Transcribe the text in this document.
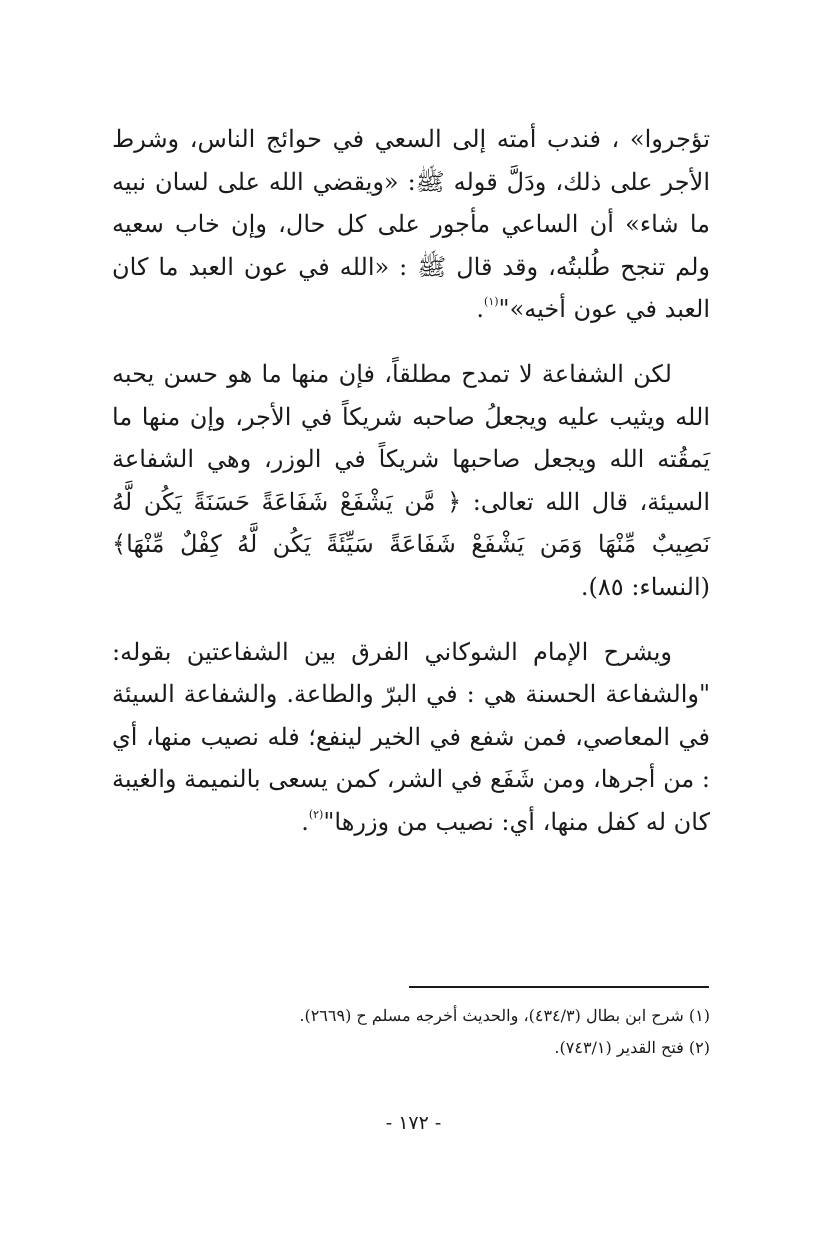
تؤجروا» ، فندب أمته إلى السعي في حوائج الناس، وشرط الأجر على ذلك، ودَلَّ قوله ﷺ: «ويقضي الله على لسان نبيه ما شاء» أن الساعي مأجور على كل حال، وإن خاب سعيه ولم تنجح طُلبتُه، وقد قال ﷺ : «الله في عون العبد ما كان العبد في عون أخيه»"$^{(١)}$.

لكن الشفاعة لا تمدح مطلقاً، فإن منها ما هو حسن يحبه الله ويثيب عليه ويجعلُ صاحبه شريكاً في الأجر، وإن منها ما يَمقُته الله ويجعل صاحبها شريكاً في الوزر، وهي الشفاعة السيئة، قال الله تعالى: ﴿ مَّن يَشْفَعْ شَفَاعَةً حَسَنَةً يَكُن لَّهُ نَصِيبٌ مِّنْهَا وَمَن يَشْفَعْ شَفَاعَةً سَيِّئَةً يَكُن لَّهُ كِفْلٌ مِّنْهَا﴾ (النساء: ٨٥).

ويشرح الإمام الشوكاني الفرق بين الشفاعتين بقوله: "والشفاعة الحسنة هي : في البرّ والطاعة. والشفاعة السيئة في المعاصي، فمن شفع في الخير لينفع؛ فله نصيب منها، أي : من أجرها، ومن شَفَع في الشر، كمن يسعى بالنميمة والغيبة كان له كفل منها، أي: نصيب من وزرها"$^{(٢)}$.

(١) شرح ابن بطال (٤٣٤/٣)، والحديث أخرجه مسلم ح (٢٦٦٩).

(٢) فتح القدير (٧٤٣/١).

- ١٧٢ -
